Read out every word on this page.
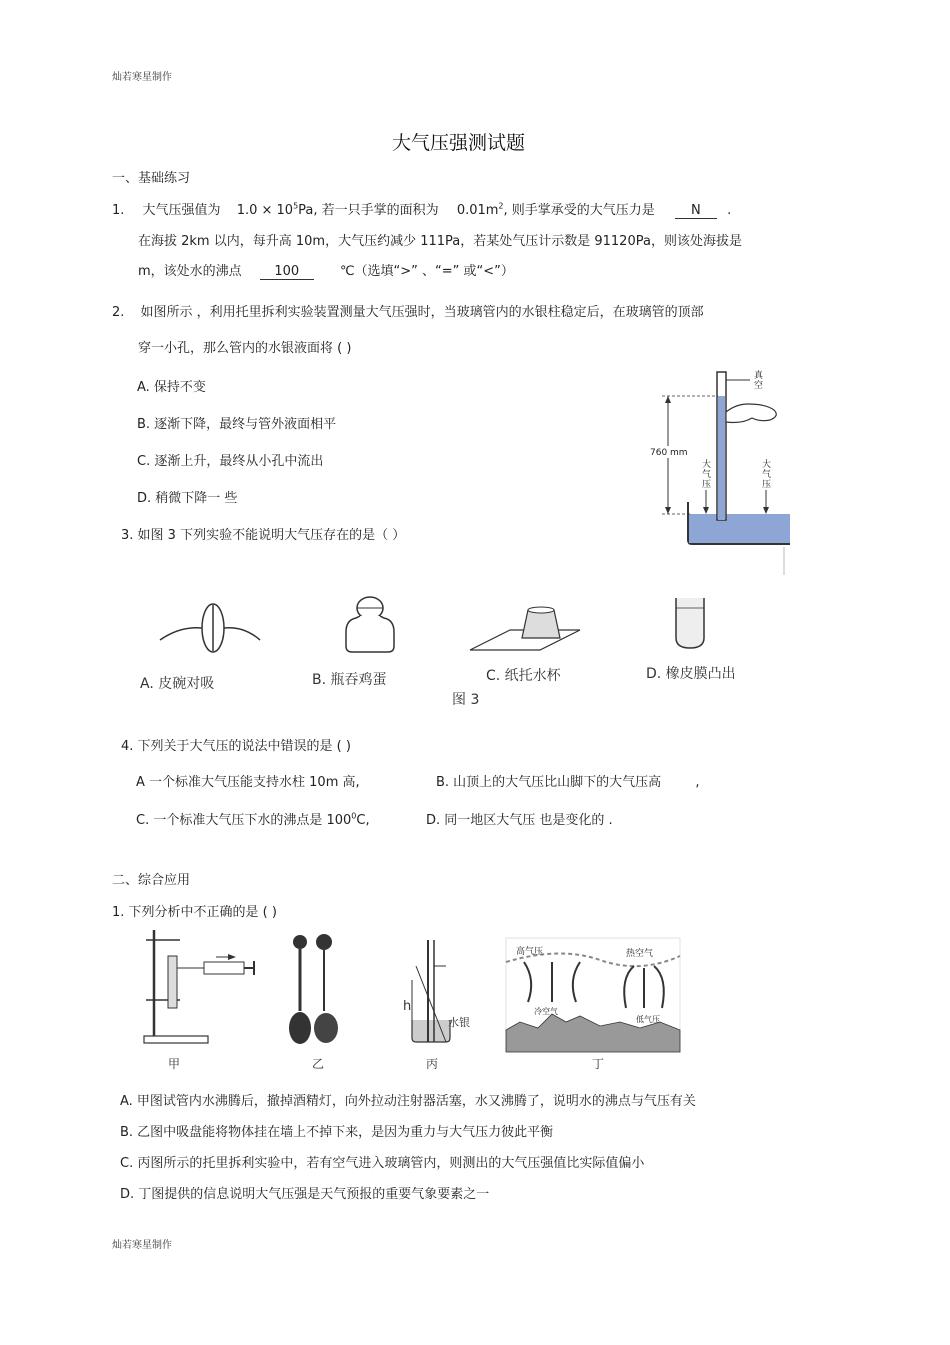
灿若寒星制作
灿若寒星制作
大气压强测试题
一、基础练习
1. 大气压强值为 $1.0 \times 10^5Pa$, 若一只手掌的面积为 $0.01m^2$, 则手掌承受的大气压力是	N .
在海拔 2km 以内，每升高 10m，大气压约减少 111Pa，若某处气压计示数是 91120Pa，则该处海拔是
m，该处水的沸点	100	℃（选填“>” 、“=” 或“<”）
2. 如图所示 ，利用托里拆利实验装置测量大气压强时，当玻璃管内的水银柱稳定后，在玻璃管的顶部
穿一小孔，那么管内的水银液面将 ( )
A. 保持不变
B. 逐渐下降，最终与管外液面相平
C. 逐渐上升，最终从小孔中流出
D. 稍微下降一 些
真
空
760 mm
大
气
压
大
气
压
3. 如图 3 下列实验不能说明大气压存在的是（ ）
A. 皮碗对吸	B. 瓶吞鸡蛋	C. 纸托水杯	D. 橡皮膜凸出
图 3
4. 下列关于大气压的说法中错误的是 ( )
A 一个标准大气压能支持水柱 10m 高,	B. 山顶上的大气压比山脚下的大气压高	,
C. 一个标准大气压下水的沸点是 $100^0C$,	D. 同一地区大气压 也是变化的 .
二、综合应用
1. 下列分析中不正确的是 ( )
甲	乙
h
水银
丙
高气压	热空气
冷空气
低气压
丁
A. 甲图试管内水沸腾后，撤掉酒精灯，向外拉动注射器活塞，水又沸腾了，说明水的沸点与气压有关
B. 乙图中吸盘能将物体挂在墙上不掉下来，是因为重力与大气压力彼此平衡
C. 丙图所示的托里拆利实验中，若有空气进入玻璃管内，则测出的大气压强值比实际值偏小
D. 丁图提供的信息说明大气压强是天气预报的重要气象要素之一
